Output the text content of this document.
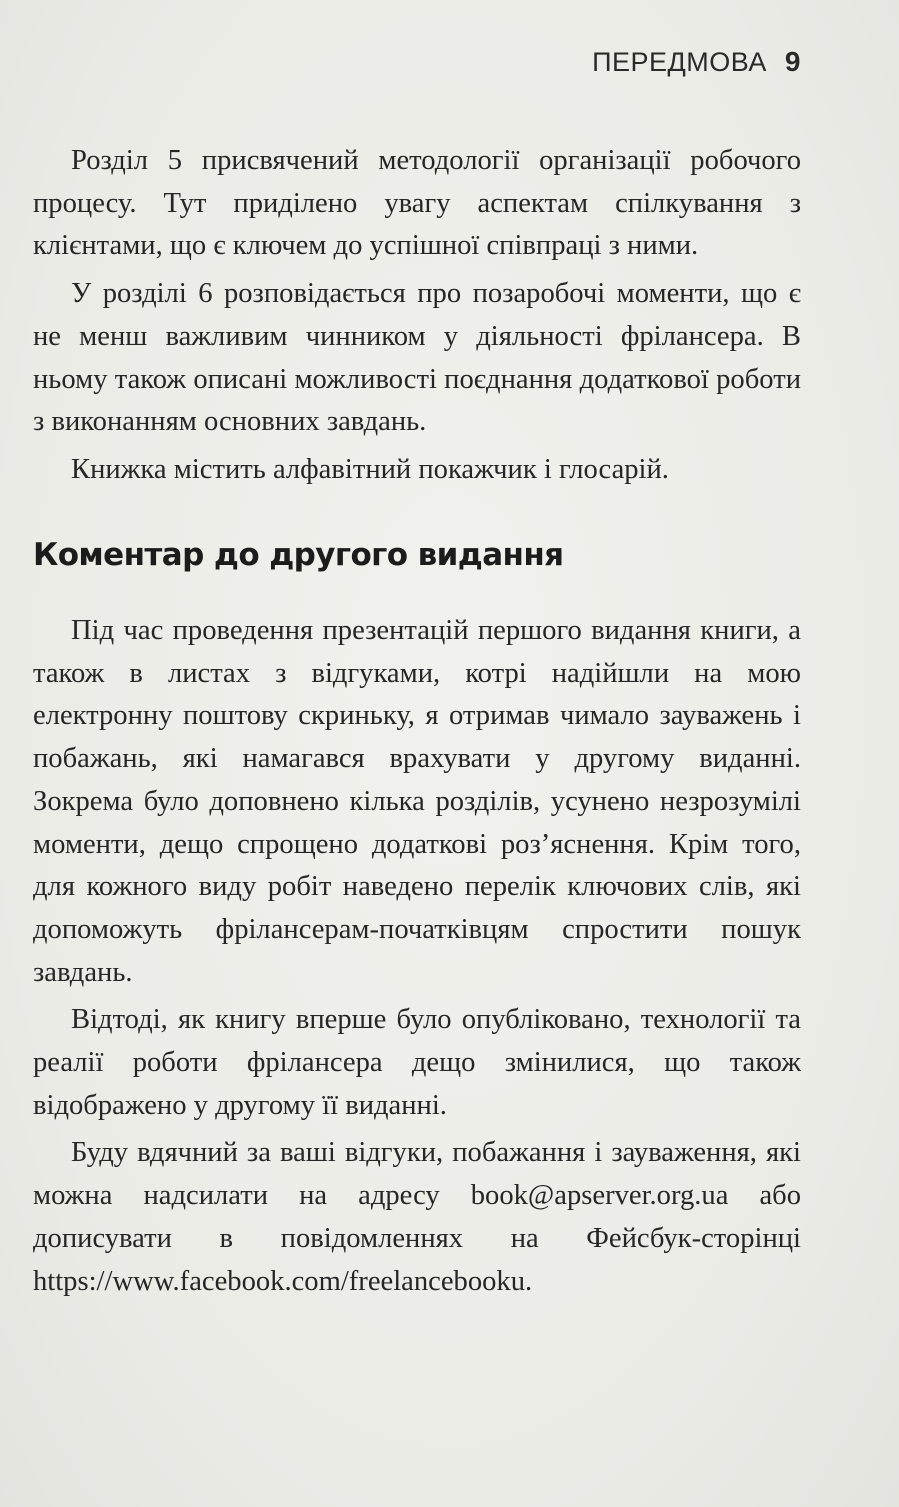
ПЕРЕДМОВА 9

Розділ 5 присвячений методології організації робочого процесу. Тут приділено увагу аспектам спілкування з клієнтами, що є ключем до успішної співпраці з ними.

У розділі 6 розповідається про позаробочі моменти, що є не менш важливим чинником у діяльності фрілансера. В ньому також описані можливості поєднання додаткової роботи з виконанням основних завдань.

Книжка містить алфавітний покажчик і глосарій.

Коментар до другого видання

Під час проведення презентацій першого видання книги, а також в листах з відгуками, котрі надійшли на мою електронну поштову скриньку, я отримав чимало зауважень і побажань, які намагався врахувати у другому виданні. Зокрема було доповнено кілька розділів, усунено незрозумілі моменти, дещо спрощено додаткові роз’яснення. Крім того, для кожного виду робіт наведено перелік ключових слів, які допоможуть фрілансерам-початківцям спростити пошук завдань.

Відтоді, як книгу вперше було опубліковано, технології та реалії роботи фрілансера дещо змінилися, що також відображено у другому її виданні.

Буду вдячний за ваші відгуки, побажання і зауваження, які можна надсилати на адресу book@apserver.org.ua або дописувати в повідомленнях на Фейсбук-сторінці https://www.facebook.com/freelancebooku.
